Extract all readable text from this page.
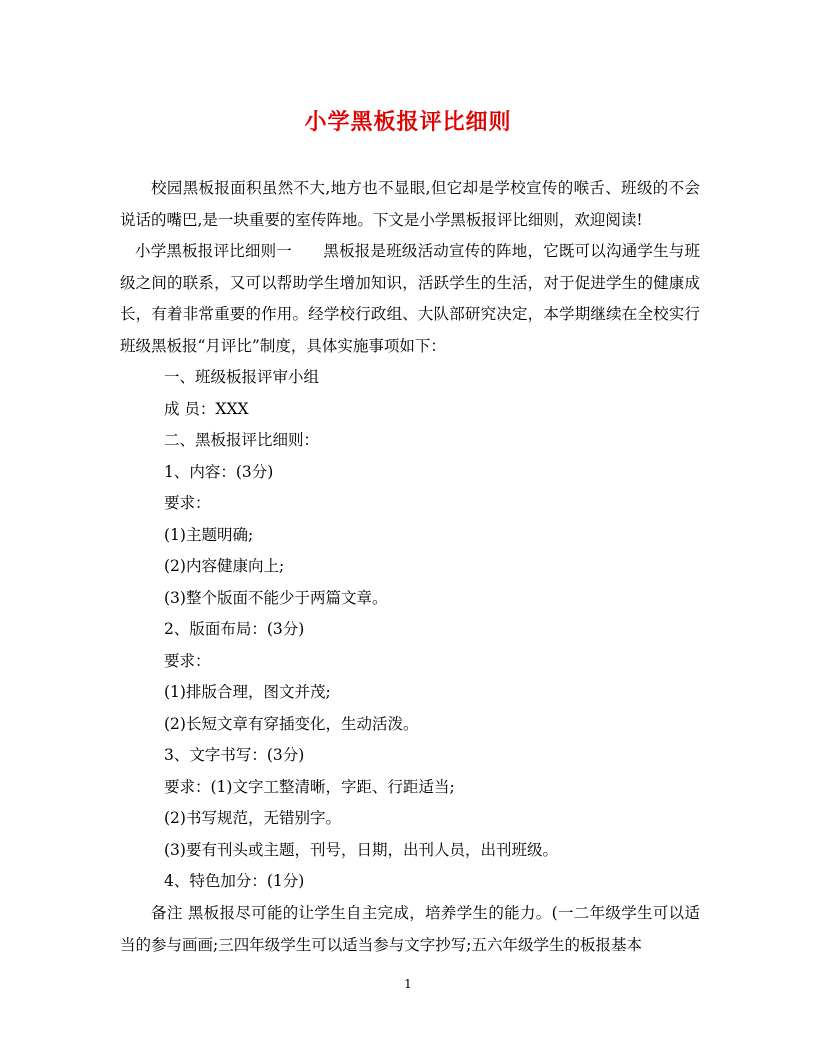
小学黑板报评比细则
校园黑板报面积虽然不大,地方也不显眼,但它却是学校宣传的喉舌、班级的不会说话的嘴巴,是一块重要的室传阵地。下文是小学黑板报评比细则，欢迎阅读!
小学黑板报评比细则一　　黑板报是班级活动宣传的阵地，它既可以沟通学生与班级之间的联系，又可以帮助学生增加知识，活跃学生的生活，对于促进学生的健康成长，有着非常重要的作用。经学校行政组、大队部研究决定，本学期继续在全校实行班级黑板报“月评比”制度，具体实施事项如下：
一、班级板报评审小组
成 员：XXX
二、黑板报评比细则：
1、内容：(3分)
要求：
(1)主题明确;
(2)内容健康向上;
(3)整个版面不能少于两篇文章。
2、版面布局：(3分)
要求：
(1)排版合理，图文并茂;
(2)长短文章有穿插变化，生动活泼。
3、文字书写：(3分)
要求：(1)文字工整清晰，字距、行距适当;
(2)书写规范，无错别字。
(3)要有刊头或主题，刊号，日期，出刊人员，出刊班级。
4、特色加分：(1分)
备注 黑板报尽可能的让学生自主完成，培养学生的能力。(一二年级学生可以适当的参与画画;三四年级学生可以适当参与文字抄写;五六年级学生的板报基本
1
